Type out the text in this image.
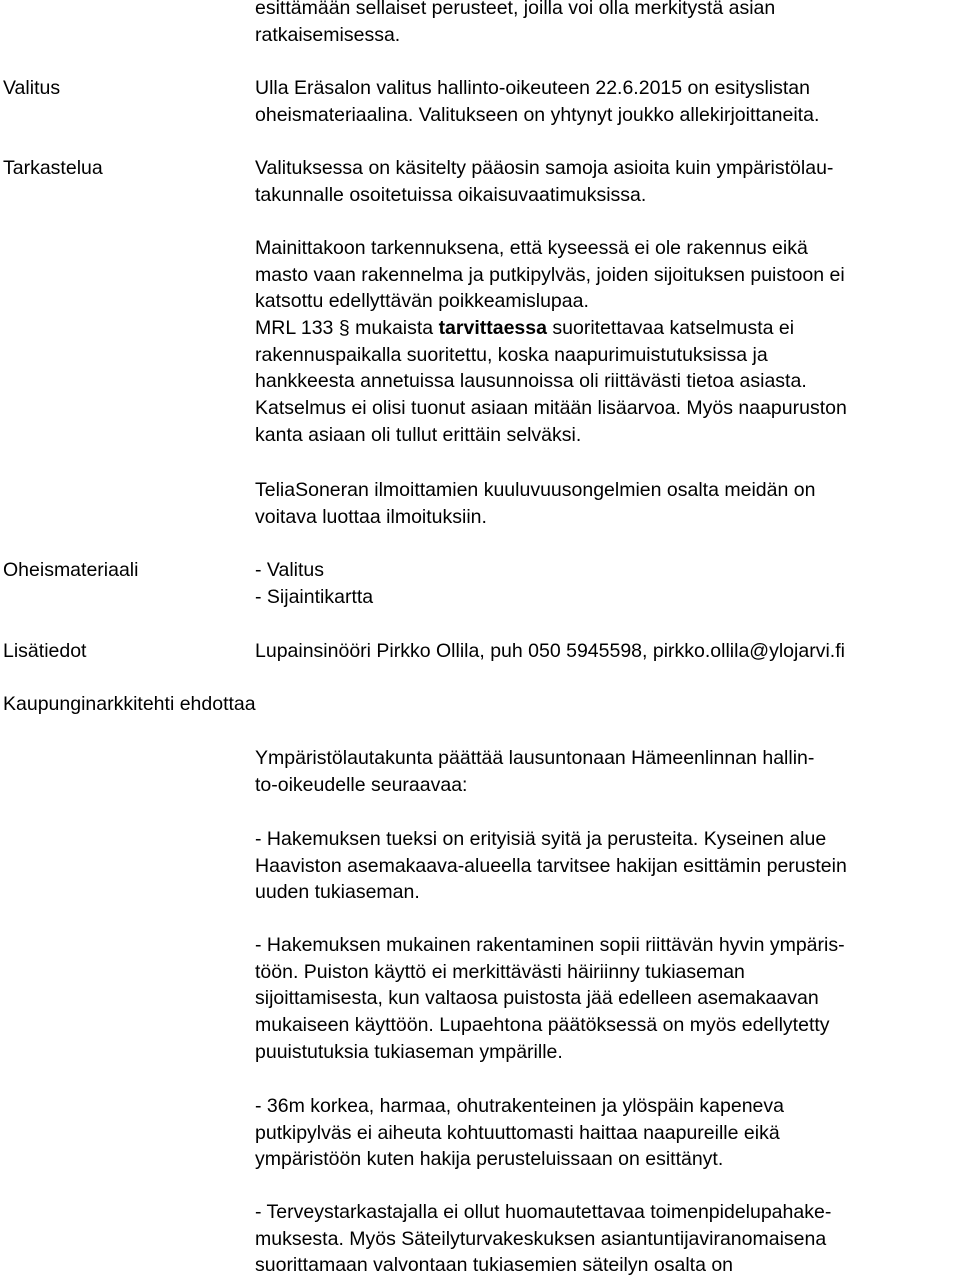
esittämään sellaiset perusteet, joilla voi olla merkitystä asian
ratkaisemisessa.
Valitus	Ulla Eräsalon valitus hallinto-oikeuteen 22.6.2015 on esityslistan
oheismateriaalina. Valitukseen on yhtynyt joukko allekirjoittaneita.
Tarkastelua	Valituksessa on käsitelty pääosin samoja asioita kuin ympäristölau-
takunnalle osoitetuissa oikaisuvaatimuksissa.
Mainittakoon tarkennuksena, että kyseessä ei ole rakennus eikä
masto vaan rakennelma ja putkipylväs, joiden sijoituksen puistoon ei
katsottu edellyttävän poikkeamislupaa.
MRL 133 § mukaista tarvittaessa suoritettavaa katselmusta ei
rakennuspaikalla suoritettu, koska naapurimuistutuksissa ja
hankkeesta annetuissa lausunnoissa oli riittävästi tietoa asiasta.
Katselmus ei olisi tuonut asiaan mitään lisäarvoa. Myös naapuruston
kanta asiaan oli tullut erittäin selväksi.
TeliaSoneran ilmoittamien kuuluvuusongelmien osalta meidän on
voitava luottaa ilmoituksiin.
Oheismateriaali	- Valitus
- Sijaintikartta
Lisätiedot	Lupainsinööri Pirkko Ollila, puh 050 5945598, pirkko.ollila@ylojarvi.fi
Kaupunginarkkitehti ehdottaa
Ympäristölautakunta päättää lausuntonaan Hämeenlinnan hallin-
to-oikeudelle seuraavaa:
- Hakemuksen tueksi on erityisiä syitä ja perusteita. Kyseinen alue
Haaviston asemakaava-alueella tarvitsee hakijan esittämin perustein
uuden tukiaseman.
- Hakemuksen mukainen rakentaminen sopii riittävän hyvin ympäris-
töön. Puiston käyttö ei merkittävästi häiriinny tukiaseman
sijoittamisesta, kun valtaosa puistosta jää edelleen asemakaavan
mukaiseen käyttöön. Lupaehtona päätöksessä on myös edellytetty
puuistutuksia tukiaseman ympärille.
- 36m korkea, harmaa, ohutrakenteinen ja ylöspäin kapeneva
putkipylväs ei aiheuta kohtuuttomasti haittaa naapureille eikä
ympäristöön kuten hakija perusteluissaan on esittänyt.
- Terveystarkastajalla ei ollut huomautettavaa toimenpidelupahake-
muksesta. Myös Säteilyturvakeskuksen asiantuntijaviranomaisena
suorittamaan valvontaan tukiasemien säteilyn osalta on
